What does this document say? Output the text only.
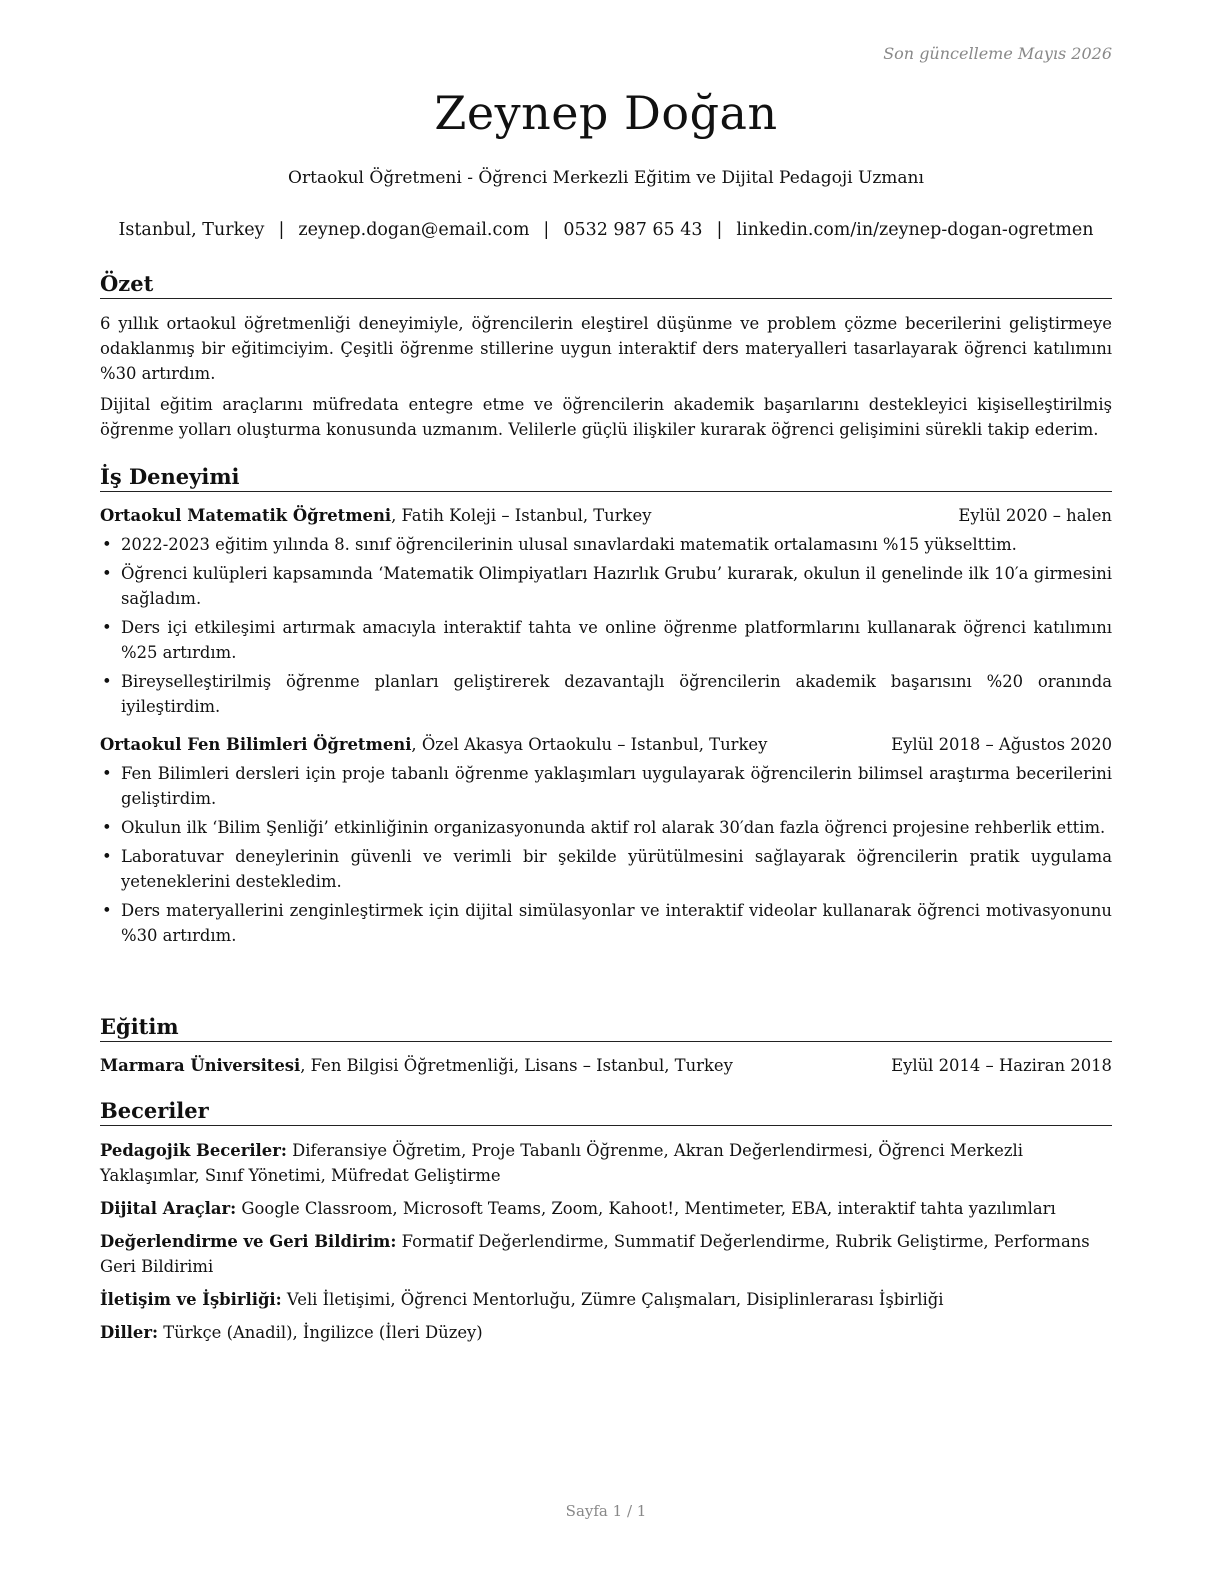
Son güncelleme Mayıs 2026
Zeynep Doğan
Ortaokul Öğretmeni - Öğrenci Merkezli Eğitim ve Dijital Pedagoji Uzmanı
Istanbul, Turkey | zeynep.dogan@email.com | 0532 987 65 43 | linkedin.com/in/zeynep-dogan-ogretmen
Özet

6 yıllık ortaokul öğretmenliği deneyimiyle, öğrencilerin eleştirel düşünme ve problem çözme becerilerini geliştirmeye odaklanmış bir eğitimciyim. Çeşitli öğrenme stillerine uygun interaktif ders materyalleri tasarlayarak öğrenci katılımını %30 artırdım.

Dijital eğitim araçlarını müfredata entegre etme ve öğrencilerin akademik başarılarını destekleyici kişiselleştirilmiş öğrenme yolları oluşturma konusunda uzmanım. Velilerle güçlü ilişkiler kurarak öğrenci gelişimini sürekli takip ederim.

İş Deneyimi
Ortaokul Matematik Öğretmeni, Fatih Koleji – Istanbul, Turkey	Eylül 2020 – halen
• 2022-2023 eğitim yılında 8. sınıf öğrencilerinin ulusal sınavlardaki matematik ortalamasını %15 yükselttim.
• Öğrenci kulüpleri kapsamında ‘Matematik Olimpiyatları Hazırlık Grubu’ kurarak, okulun il genelinde ilk 10′a girmesini sağladım.
• Ders içi etkileşimi artırmak amacıyla interaktif tahta ve online öğrenme platformlarını kullanarak öğrenci katılımını %25 artırdım.
• Bireyselleştirilmiş öğrenme planları geliştirerek dezavantajlı öğrencilerin akademik başarısını %20 oranında iyileştirdim.
Ortaokul Fen Bilimleri Öğretmeni, Özel Akasya Ortaokulu – Istanbul, Turkey	Eylül 2018 – Ağustos 2020
• Fen Bilimleri dersleri için proje tabanlı öğrenme yaklaşımları uygulayarak öğrencilerin bilimsel araştırma becerilerini geliştirdim.
• Okulun ilk ‘Bilim Şenliği’ etkinliğinin organizasyonunda aktif rol alarak 30′dan fazla öğrenci projesine rehberlik ettim.
• Laboratuvar deneylerinin güvenli ve verimli bir şekilde yürütülmesini sağlayarak öğrencilerin pratik uygulama yeteneklerini destekledim.
• Ders materyallerini zenginleştirmek için dijital simülasyonlar ve interaktif videolar kullanarak öğrenci motivasyonunu %30 artırdım.
Eğitim
Marmara Üniversitesi, Fen Bilgisi Öğretmenliği, Lisans – Istanbul, Turkey	Eylül 2014 – Haziran 2018
Beceriler
Pedagojik Beceriler: Diferansiye Öğretim, Proje Tabanlı Öğrenme, Akran Değerlendirmesi, Öğrenci Merkezli Yaklaşımlar, Sınıf Yönetimi, Müfredat Geliştirme
Dijital Araçlar: Google Classroom, Microsoft Teams, Zoom, Kahoot!, Mentimeter, EBA, interaktif tahta yazılımları
Değerlendirme ve Geri Bildirim: Formatif Değerlendirme, Summatif Değerlendirme, Rubrik Geliştirme, Performans Geri Bildirimi
İletişim ve İşbirliği: Veli İletişimi, Öğrenci Mentorluğu, Zümre Çalışmaları, Disiplinlerarası İşbirliği
Diller: Türkçe (Anadil), İngilizce (İleri Düzey)
Sayfa 1 / 1
